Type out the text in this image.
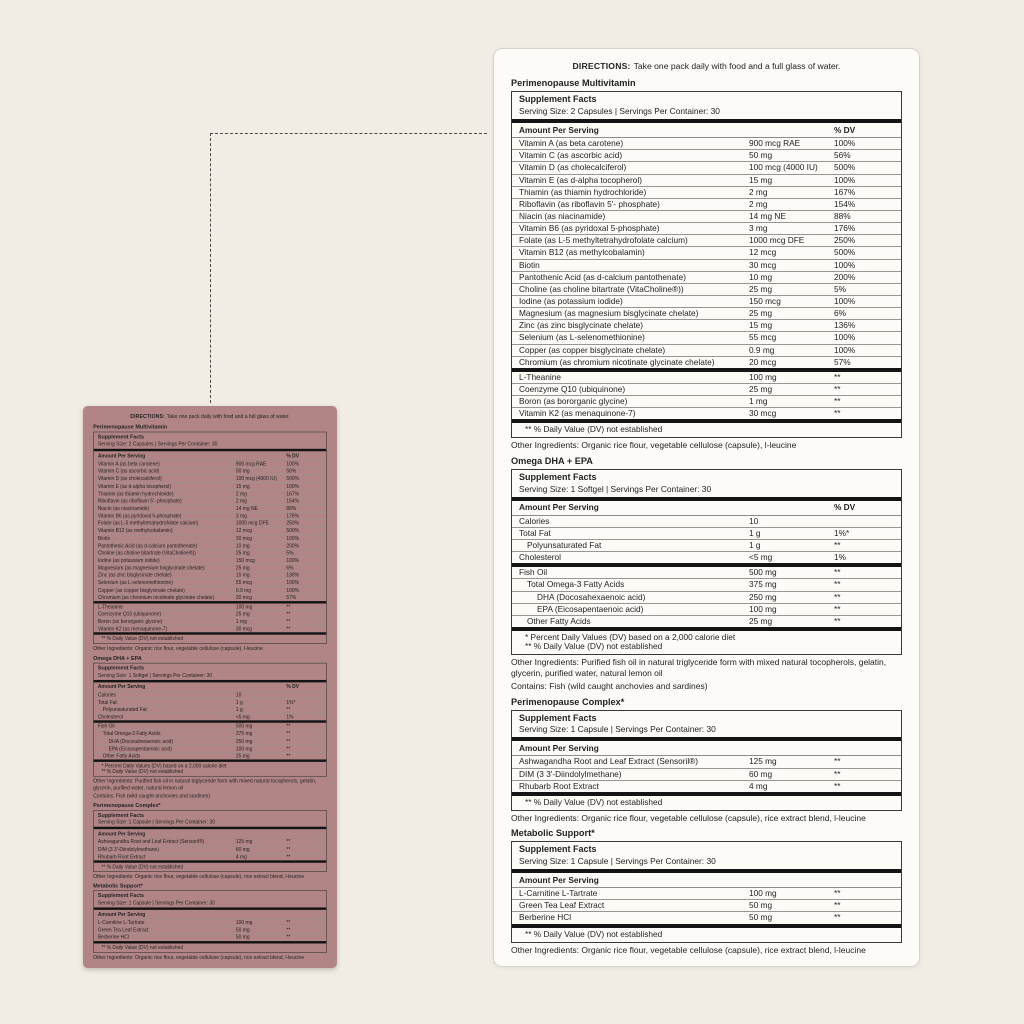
DIRECTIONS: Take one pack daily with food and a full glass of water.
Perimenopause Multivitamin
Supplement Facts
Serving Size: 2 Capsules | Servings Per Container: 30
Amount Per Serving	% DV
Vitamin A (as beta carotene)	900 mcg RAE	100%
Vitamin C (as ascorbic acid)	50 mg	56%
Vitamin D (as cholecalciferol)	100 mcg (4000 IU)	500%
Vitamin E (as d-alpha tocopherol)	15 mg	100%
Thiamin (as thiamin hydrochloride)	2 mg	167%
Riboflavin (as riboflavin 5'- phosphate)	2 mg	154%
Niacin (as niacinamide)	14 mg NE	88%
Vitamin B6 (as pyridoxal 5-phosphate)	3 mg	176%
Folate (as L-5 methyltetrahydrofolate calcium)	1000 mcg DFE	250%
Vitamin B12 (as methylcobalamin)	12 mcg	500%
Biotin	30 mcg	100%
Pantothenic Acid (as d-calcium pantothenate)	10 mg	200%
Choline (as choline bitartrate (VitaCholine®))	25 mg	5%
Iodine (as potassium iodide)	150 mcg	100%
Magnesium (as magnesium bisglycinate chelate)	25 mg	6%
Zinc (as zinc bisglycinate chelate)	15 mg	136%
Selenium (as L-selenomethionine)	55 mcg	100%
Copper (as copper bisglycinate chelate)	0.9 mg	100%
Chromium (as chromium nicotinate glycinate chelate)	20 mcg	57%
L-Theanine	100 mg	**
Coenzyme Q10 (ubiquinone)	25 mg	**
Boron (as bororganic glycine)	1 mg	**
Vitamin K2 (as menaquinone-7)	30 mcg	**
** % Daily Value (DV) not established
Other Ingredients: Organic rice flour, vegetable cellulose (capsule), l-leucine
Omega DHA + EPA
Supplement Facts
Serving Size: 1 Softgel | Servings Per Container: 30
Amount Per Serving	% DV
Calories	10
Total Fat	1 g	1%*
Polyunsaturated Fat	1 g	**
Cholesterol	<5 mg	1%
Fish Oil	500 mg	**
Total Omega-3 Fatty Acids	375 mg	**
DHA (Docosahexaenoic acid)	250 mg	**
EPA (Eicosapentaenoic acid)	100 mg	**
Other Fatty Acids	25 mg	**
* Percent Daily Values (DV) based on a 2,000 calorie diet
** % Daily Value (DV) not established
Other Ingredients: Purified fish oil in natural triglyceride form with mixed natural tocopherols, gelatin, glycerin, purified water, natural lemon oil
Contains: Fish (wild caught anchovies and sardines)
Perimenopause Complex*
Supplement Facts
Serving Size: 1 Capsule | Servings Per Container: 30
Amount Per Serving
Ashwagandha Root and Leaf Extract (Sensoril®)	125 mg	**
DIM (3 3'-Diindolylmethane)	60 mg	**
Rhubarb Root Extract	4 mg	**
** % Daily Value (DV) not established
Other Ingredients: Organic rice flour, vegetable cellulose (capsule), rice extract blend, l-leucine
Metabolic Support*
Supplement Facts
Serving Size: 1 Capsule | Servings Per Container: 30
Amount Per Serving
L-Carnitine L-Tartrate	100 mg	**
Green Tea Leaf Extract	50 mg	**
Berberine HCl	50 mg	**
** % Daily Value (DV) not established
Other Ingredients: Organic rice flour, vegetable cellulose (capsule), rice extract blend, l-leucine
DIRECTIONS: Take one pack daily with food and a full glass of water.
Perimenopause Multivitamin
Supplement Facts
Serving Size: 2 Capsules | Servings Per Container: 30
Amount Per Serving	% DV
Vitamin A (as beta carotene)	900 mcg RAE	100%
Vitamin C (as ascorbic acid)	50 mg	56%
Vitamin D (as cholecalciferol)	100 mcg (4000 IU)	500%
Vitamin E (as d-alpha tocopherol)	15 mg	100%
Thiamin (as thiamin hydrochloride)	2 mg	167%
Riboflavin (as riboflavin 5'- phosphate)	2 mg	154%
Niacin (as niacinamide)	14 mg NE	88%
Vitamin B6 (as pyridoxal 5-phosphate)	3 mg	176%
Folate (as L-5 methyltetrahydrofolate calcium)	1000 mcg DFE	250%
Vitamin B12 (as methylcobalamin)	12 mcg	500%
Biotin	30 mcg	100%
Pantothenic Acid (as d-calcium pantothenate)	10 mg	200%
Choline (as choline bitartrate (VitaCholine®))	25 mg	5%
Iodine (as potassium iodide)	150 mcg	100%
Magnesium (as magnesium bisglycinate chelate)	25 mg	6%
Zinc (as zinc bisglycinate chelate)	15 mg	136%
Selenium (as L-selenomethionine)	55 mcg	100%
Copper (as copper bisglycinate chelate)	0.9 mg	100%
Chromium (as chromium nicotinate glycinate chelate)	20 mcg	57%
L-Theanine	100 mg	**
Coenzyme Q10 (ubiquinone)	25 mg	**
Boron (as bororganic glycine)	1 mg	**
Vitamin K2 (as menaquinone-7)	30 mcg	**
** % Daily Value (DV) not established
Other Ingredients: Organic rice flour, vegetable cellulose (capsule), l-leucine
Omega DHA + EPA
Supplement Facts
Serving Size: 1 Softgel | Servings Per Container: 30
Amount Per Serving	% DV
Calories	10
Total Fat	1 g	1%*
Polyunsaturated Fat	1 g	**
Cholesterol	<5 mg	1%
Fish Oil	500 mg	**
Total Omega-3 Fatty Acids	375 mg	**
DHA (Docosahexaenoic acid)	250 mg	**
EPA (Eicosapentaenoic acid)	100 mg	**
Other Fatty Acids	25 mg	**
* Percent Daily Values (DV) based on a 2,000 calorie diet
** % Daily Value (DV) not established
Other Ingredients: Purified fish oil in natural triglyceride form with mixed natural tocopherols, gelatin, glycerin, purified water, natural lemon oil
Contains: Fish (wild caught anchovies and sardines)
Perimenopause Complex*
Supplement Facts
Serving Size: 1 Capsule | Servings Per Container: 30
Amount Per Serving
Ashwagandha Root and Leaf Extract (Sensoril®)	125 mg	**
DIM (3 3'-Diindolylmethane)	60 mg	**
Rhubarb Root Extract	4 mg	**
** % Daily Value (DV) not established
Other Ingredients: Organic rice flour, vegetable cellulose (capsule), rice extract blend, l-leucine
Metabolic Support*
Supplement Facts
Serving Size: 1 Capsule | Servings Per Container: 30
Amount Per Serving
L-Carnitine L-Tartrate	100 mg	**
Green Tea Leaf Extract	50 mg	**
Berberine HCl	50 mg	**
** % Daily Value (DV) not established
Other Ingredients: Organic rice flour, vegetable cellulose (capsule), rice extract blend, l-leucine
